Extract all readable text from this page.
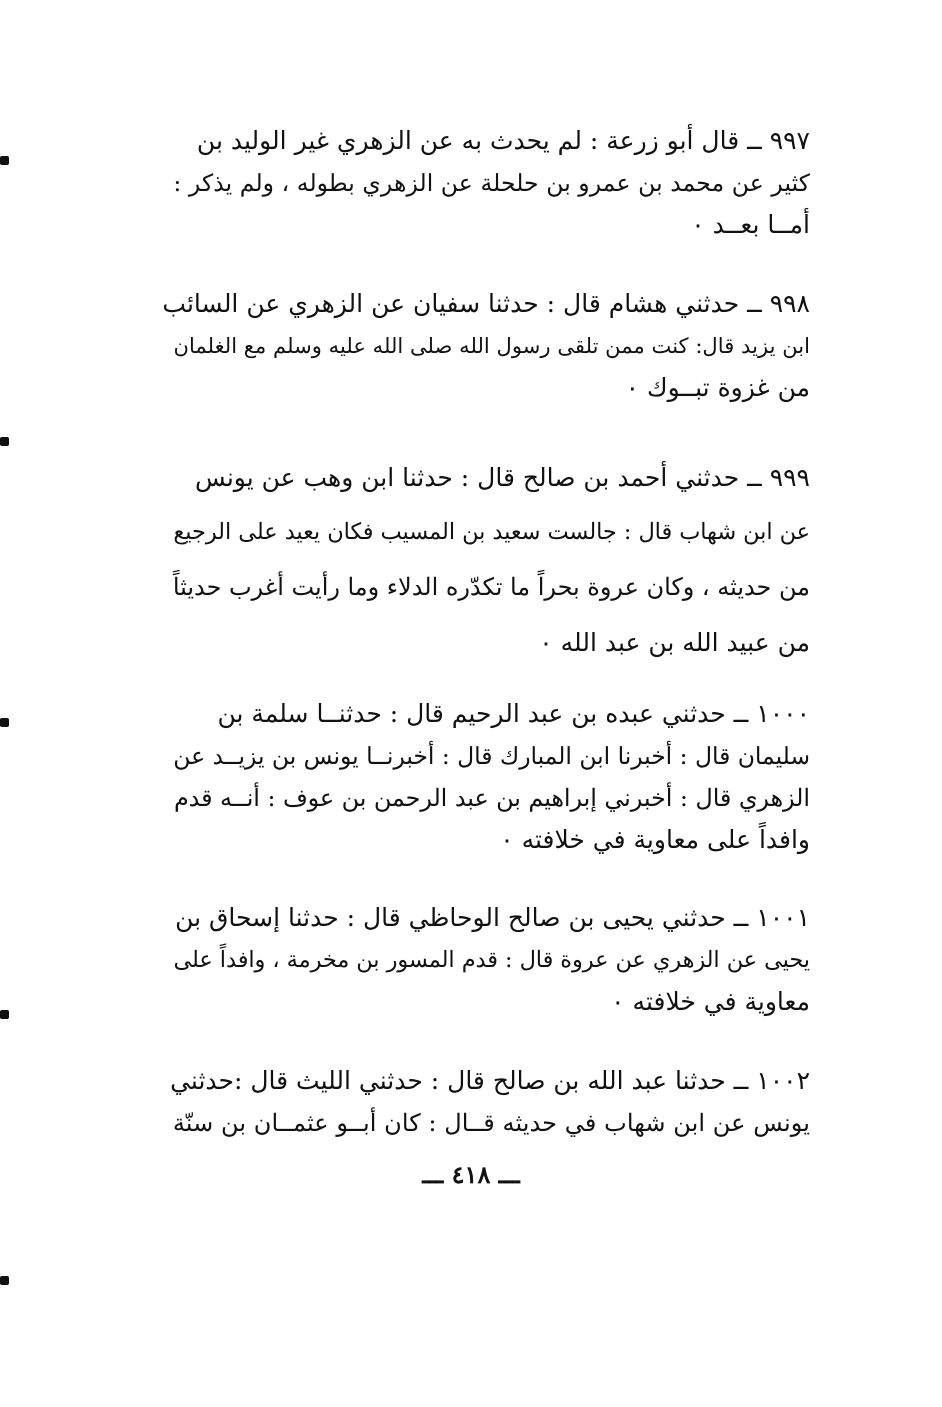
٩٩٧ ــ قال أبو زرعة : لم يحدث به عن الزهري غير الوليد بن
كثير عن محمد بن عمرو بن حلحلة عن الزهري بطوله ، ولم يذكر :
أمــا بعــد ٠
٩٩٨ ــ حدثني هشام قال : حدثنا سفيان عن الزهري عن السائب
ابن يزيد قال: كنت ممن تلقى رسول الله صلى الله عليه وسلم مع الغلمان
من غزوة تبــوك ٠
٩٩٩ ــ حدثني أحمد بن صالح قال : حدثنا ابن وهب عن يونس
عن ابن شهاب قال : جالست سعيد بن المسيب فكان يعيد على الرجيع
من حديثه ، وكان عروة بحراً ما تكدّره الدلاء وما رأيت أغرب حديثاً
من عبيد الله بن عبد الله ٠
١٠٠٠ ــ حدثني عبده بن عبد الرحيم قال : حدثنــا سلمة بن
سليمان قال : أخبرنا ابن المبارك قال : أخبرنــا يونس بن يزيــد عن
الزهري قال : أخبرني إبراهيم بن عبد الرحمن بن عوف : أنــه قدم
وافداً على معاوية في خلافته ٠
١٠٠١ ــ حدثني يحيى بن صالح الوحاظي قال : حدثنا إسحاق بن
يحيى عن الزهري عن عروة قال : قدم المسور بن مخرمة ، وافداً على
معاوية في خلافته ٠
١٠٠٢ ــ حدثنا عبد الله بن صالح قال : حدثني الليث قال :حدثني
يونس عن ابن شهاب في حديثه قــال : كان أبــو عثمــان بن سنّة
ـــ ٤١٨ ـــ
